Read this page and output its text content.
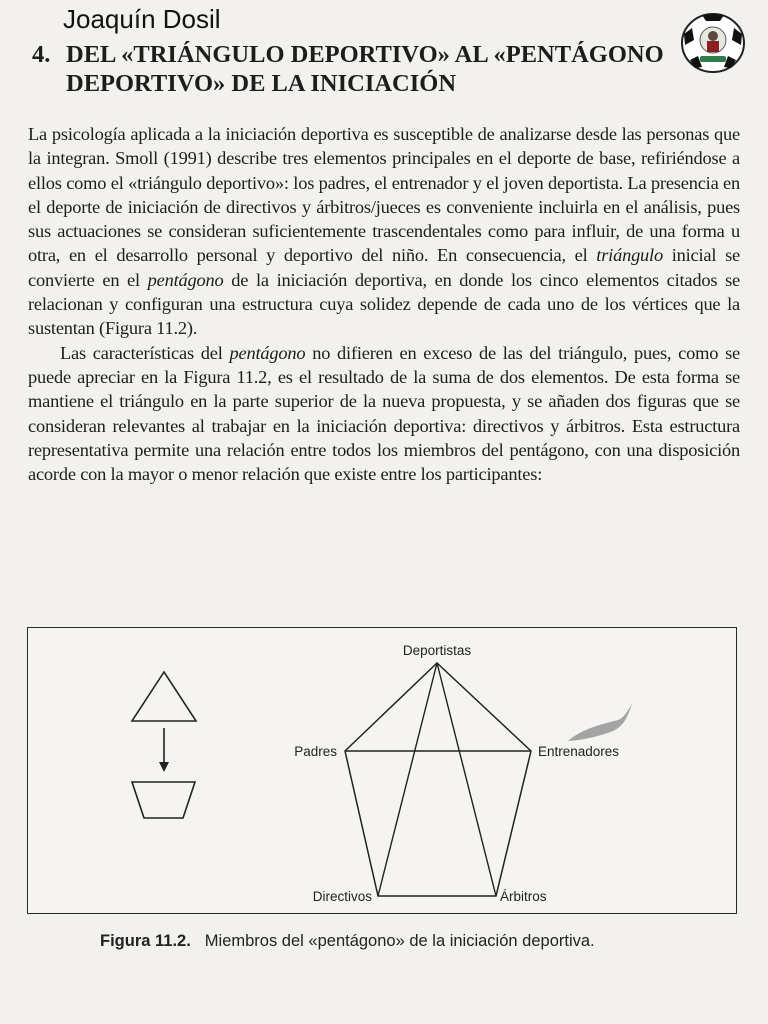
Joaquín Dosil
4. DEL «TRIÁNGULO DEPORTIVO» AL «PENTÁGONO
DEPORTIVO» DE LA INICIACIÓN

La psicología aplicada a la iniciación deportiva es susceptible de analizarse desde las personas que la integran. Smoll (1991) describe tres elementos principales en el deporte de base, refiriéndose a ellos como el «triángulo deportivo»: los padres, el entrenador y el joven deportista. La presencia en el deporte de iniciación de directivos y árbitros/jueces es conveniente incluirla en el análisis, pues sus actuaciones se consideran suficientemente trascendentales como para influir, de una forma u otra, en el desarrollo personal y deportivo del niño. En consecuencia, el triángulo inicial se convierte en el pentágono de la iniciación deportiva, en donde los cinco elementos citados se relacionan y configuran una estructura cuya solidez depende de cada uno de los vértices que la sustentan (Figura 11.2).

Las características del pentágono no difieren en exceso de las del triángulo, pues, como se puede apreciar en la Figura 11.2, es el resultado de la suma de dos elementos. De esta forma se mantiene el triángulo en la parte superior de la nueva propuesta, y se añaden dos figuras que se consideran relevantes al trabajar en la iniciación deportiva: directivos y árbitros. Esta estructura representativa permite una relación entre todos los miembros del pentágono, con una disposición acorde con la mayor o menor relación que existe entre los participantes:

Deportistas
Padres	Entrenadores
Directivos	Árbitros
Figura 11.2. Miembros del «pentágono» de la iniciación deportiva.
